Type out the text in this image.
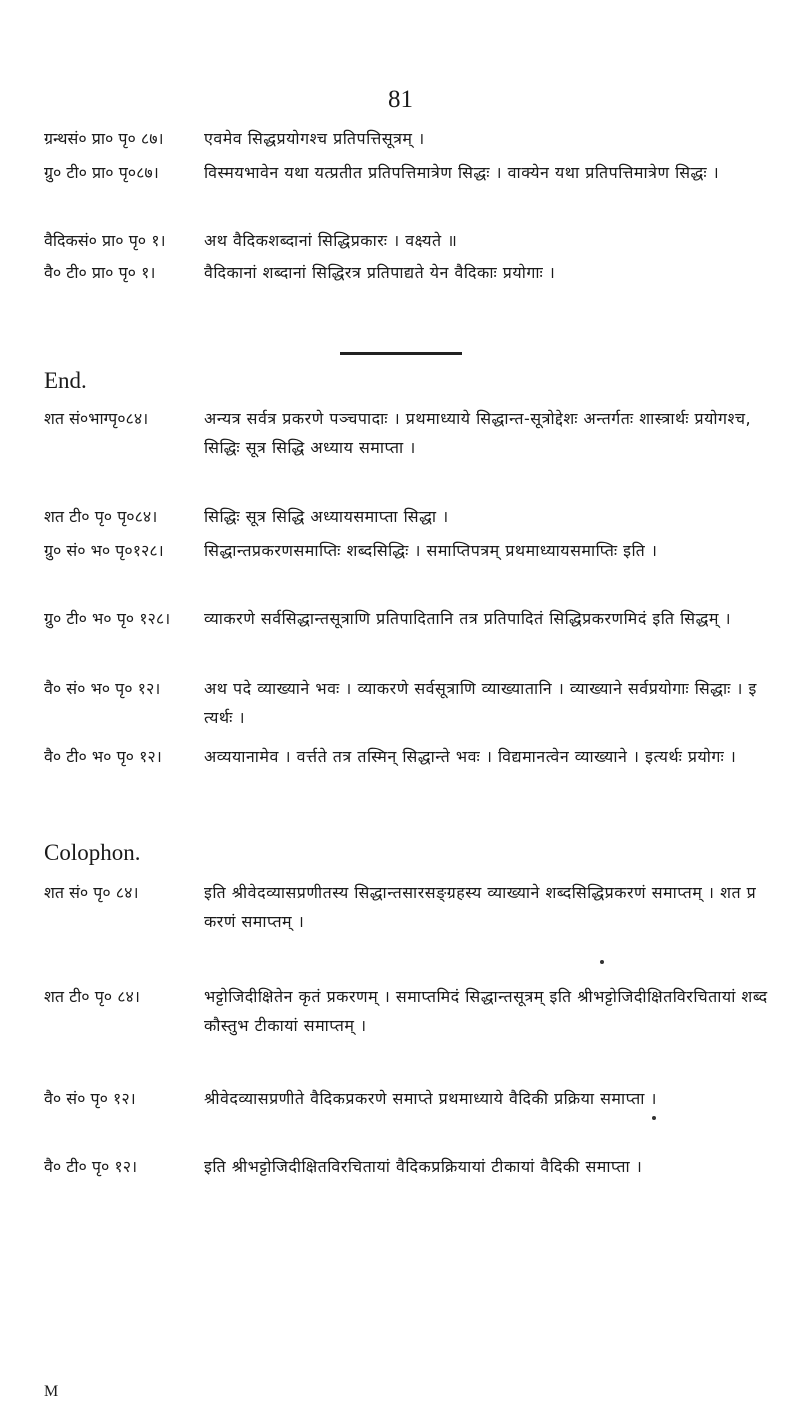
81
ग्रन्थसं० प्रा० पृ० ८७।	एवमेव सिद्धप्रयोगश्च प्रतिपत्तिसूत्रम् ।
ग्रु० टी० प्रा० पृ०८७।	विस्मयभावेन यथा यत्प्रतीत प्रतिपत्तिमात्रेण सिद्धः । वाक्येन यथा प्रतिपत्तिमात्रेण सिद्धः ।
वैदिकसं० प्रा० पृ० १।	अथ वैदिकशब्दानां सिद्धिप्रकारः । वक्ष्यते ॥
वै० टी० प्रा० पृ० १।	वैदिकानां शब्दानां सिद्धिरत्र प्रतिपाद्यते येन वैदिकाः प्रयोगाः ।
End.
शत सं०भाग्पृ०८४।	अन्यत्र सर्वत्र प्रकरणे पञ्चपादाः । प्रथमाध्याये सिद्धान्त-सूत्रोद्देशः अन्तर्गतः शास्त्रार्थः प्रयोगश्च, सिद्धिः सूत्र सिद्धि अध्याय समाप्ता ।
शत टी० पृ० पृ०८४।	सिद्धिः सूत्र सिद्धि अध्यायसमाप्ता सिद्धा ।
ग्रु० सं० भ० पृ०१२८।	सिद्धान्तप्रकरणसमाप्तिः शब्दसिद्धिः । समाप्तिपत्रम् प्रथमाध्यायसमाप्तिः इति ।
ग्रु० टी० भ० पृ० १२८।	व्याकरणे सर्वसिद्धान्तसूत्राणि प्रतिपादितानि तत्र प्रतिपादितं सिद्धिप्रकरणमिदं इति सिद्धम् ।
वै० सं० भ० पृ० १२।	अथ पदे व्याख्याने भवः । व्याकरणे सर्वसूत्राणि व्याख्यातानि । व्याख्याने सर्वप्रयोगाः सिद्धाः । इत्यर्थः ।
वै० टी० भ० पृ० १२।	अव्ययानामेव । वर्त्तते तत्र तस्मिन् सिद्धान्ते भवः । विद्यमानत्वेन व्याख्याने । इत्यर्थः प्रयोगः ।
Colophon.
शत सं० पृ० ८४।	इति श्रीवेदव्यासप्रणीतस्य सिद्धान्तसारसङ्ग्रहस्य व्याख्याने शब्दसिद्धिप्रकरणं समाप्तम् । शत प्रकरणं समाप्तम् ।
शत टी० पृ० ८४।	भट्टोजिदीक्षितेन कृतं प्रकरणम् । समाप्तमिदं सिद्धान्तसूत्रम् इति श्रीभट्टोजिदीक्षितविरचितायां शब्दकौस्तुभ टीकायां समाप्तम् ।
वै० सं० पृ० १२।	श्रीवेदव्यासप्रणीते वैदिकप्रकरणे समाप्ते प्रथमाध्याये वैदिकी प्रक्रिया समाप्ता ।
वै० टी० पृ० १२।	इति श्रीभट्टोजिदीक्षितविरचितायां वैदिकप्रक्रियायां टीकायां वैदिकी समाप्ता ।
M
